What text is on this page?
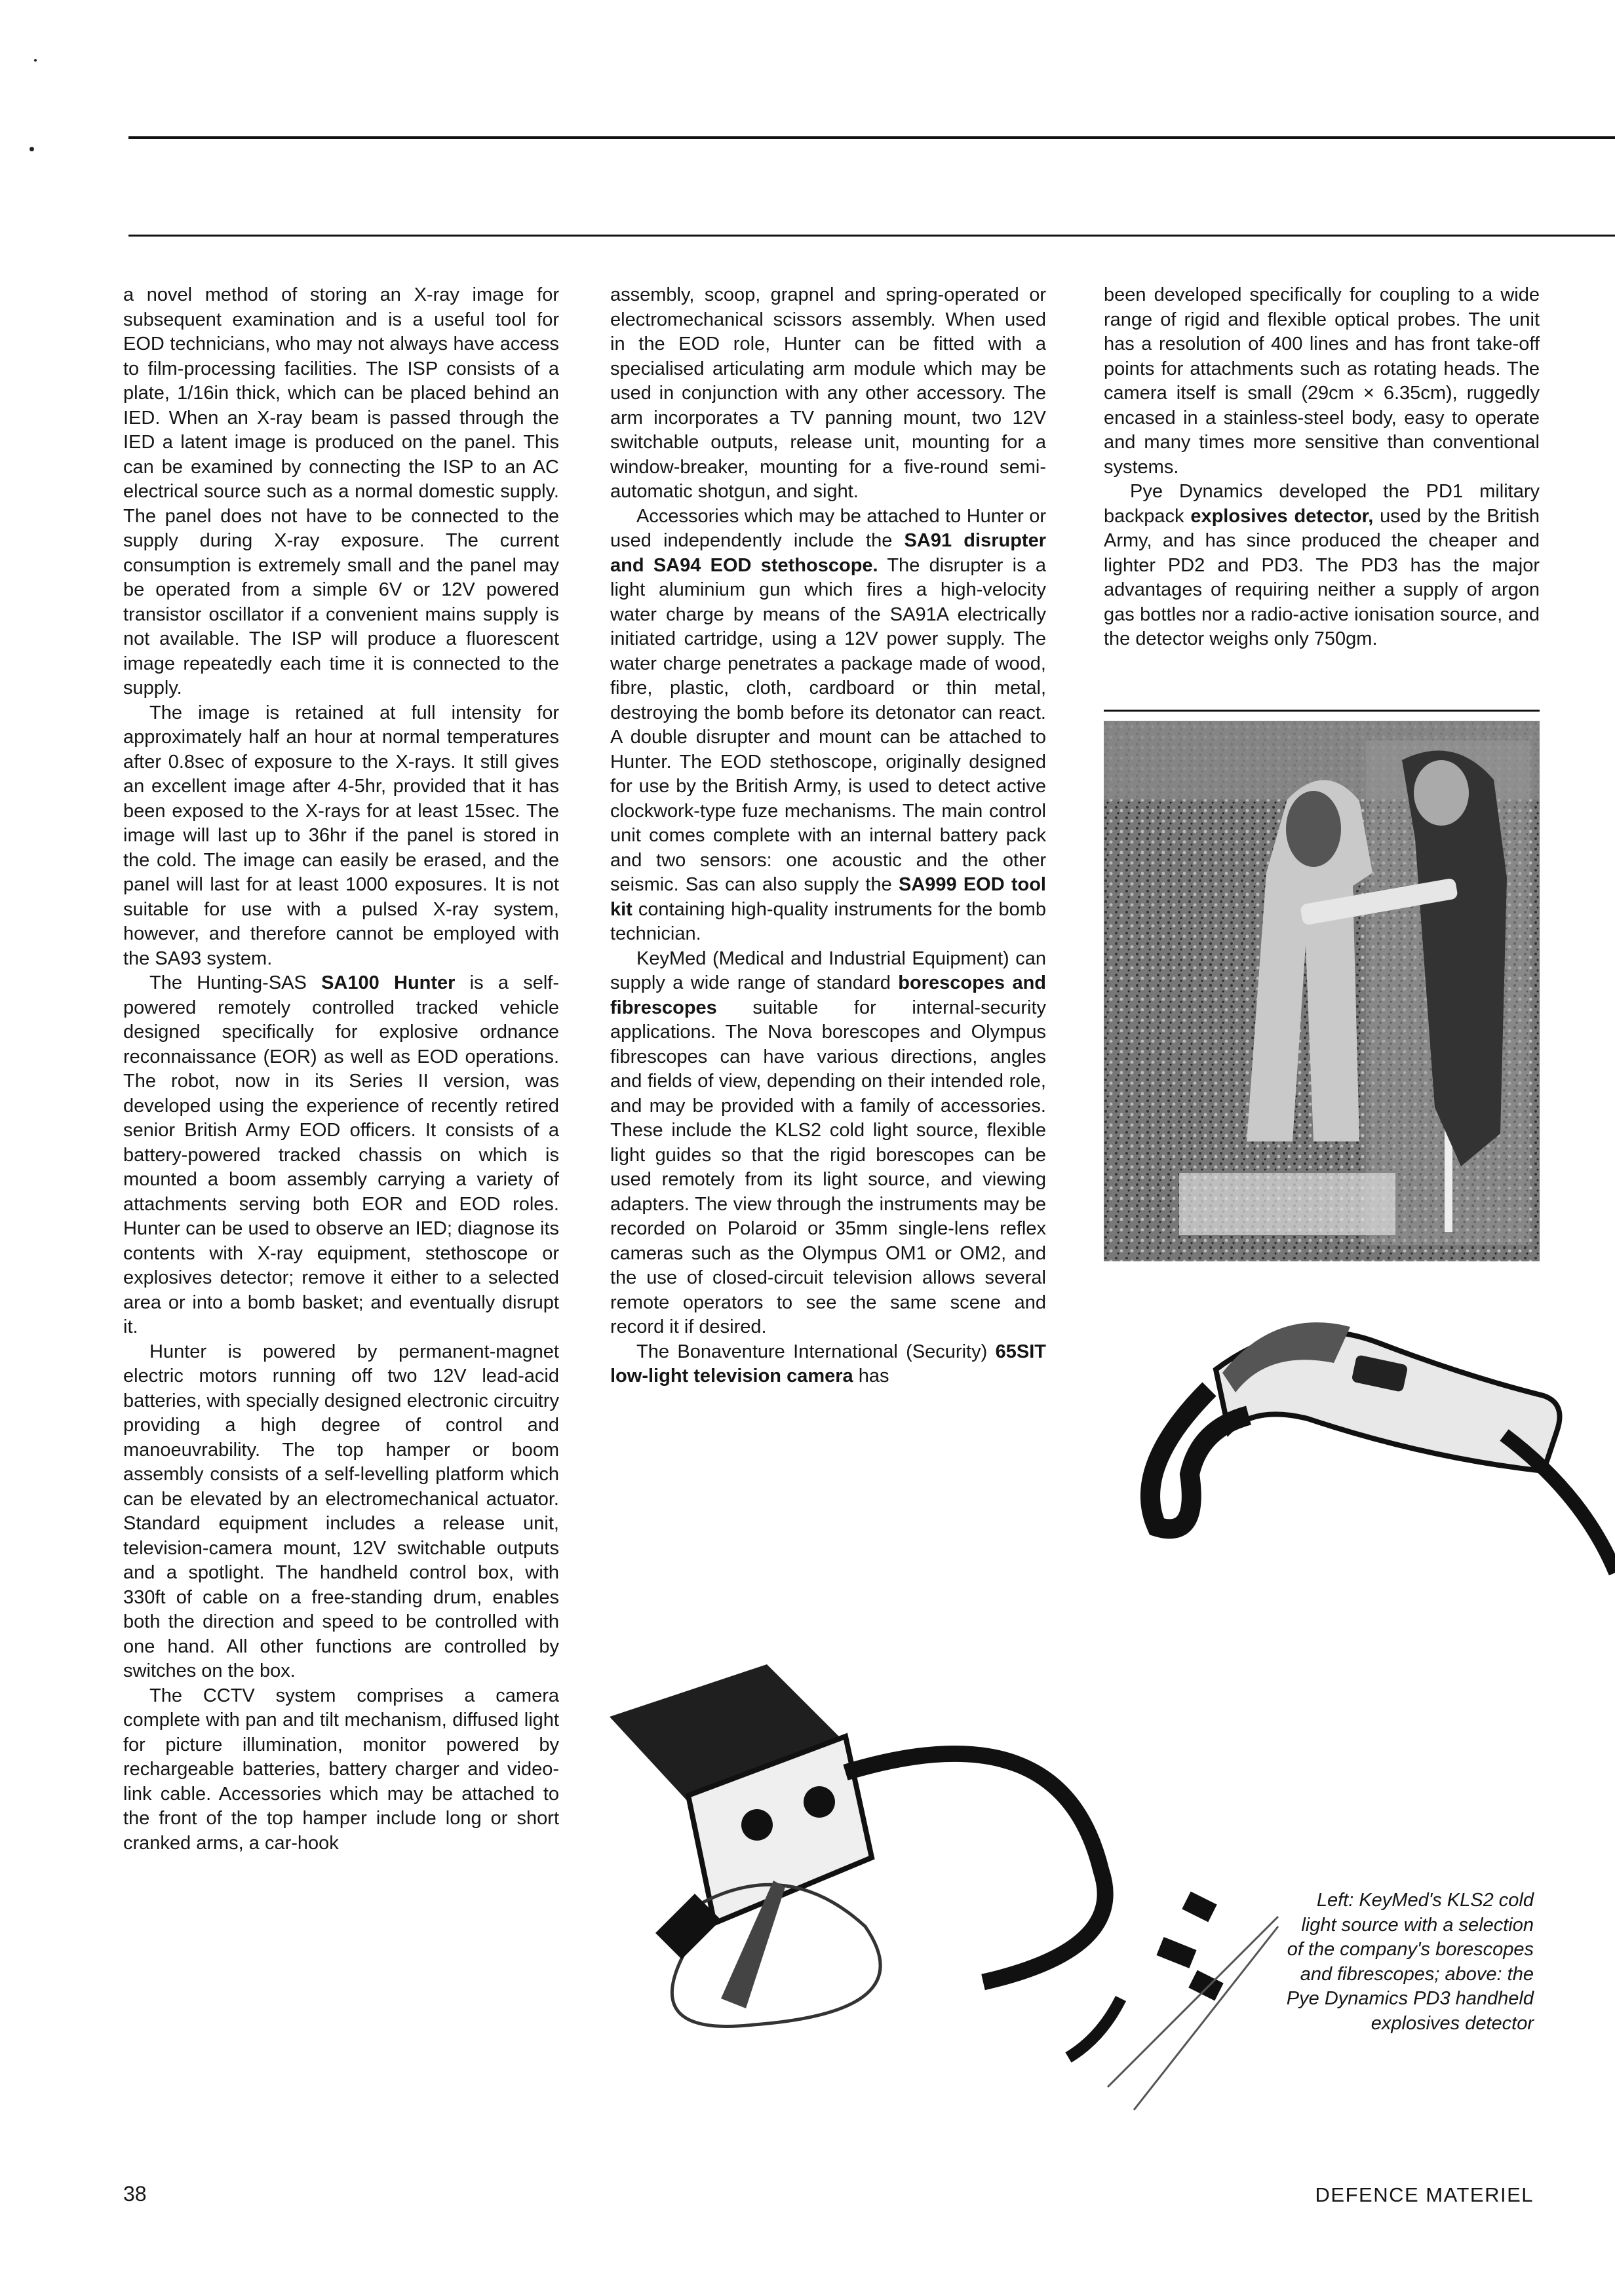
a novel method of storing an X-ray image for subsequent examination and is a useful tool for EOD technicians, who may not always have access to film-processing facilities. The ISP consists of a plate, 1/16in thick, which can be placed behind an IED. When an X-ray beam is passed through the IED a latent image is produced on the panel. This can be examined by connecting the ISP to an AC electrical source such as a normal domestic supply. The panel does not have to be connected to the supply during X-ray exposure. The current consumption is extremely small and the panel may be operated from a simple 6V or 12V powered transistor oscillator if a convenient mains supply is not available. The ISP will produce a fluorescent image repeatedly each time it is connected to the supply.

The image is retained at full intensity for approximately half an hour at normal temperatures after 0.8sec of exposure to the X-rays. It still gives an excellent image after 4-5hr, provided that it has been exposed to the X-rays for at least 15sec. The image will last up to 36hr if the panel is stored in the cold. The image can easily be erased, and the panel will last for at least 1000 exposures. It is not suitable for use with a pulsed X-ray system, however, and therefore cannot be employed with the SA93 system.

The Hunting-SAS SA100 Hunter is a self-powered remotely controlled tracked vehicle designed specifically for explosive ordnance reconnaissance (EOR) as well as EOD operations. The robot, now in its Series II version, was developed using the experience of recently retired senior British Army EOD officers. It consists of a battery-powered tracked chassis on which is mounted a boom assembly carrying a variety of attachments serving both EOR and EOD roles. Hunter can be used to observe an IED; diagnose its contents with X-ray equipment, stethoscope or explosives detector; remove it either to a selected area or into a bomb basket; and eventually disrupt it.

Hunter is powered by permanent-magnet electric motors running off two 12V lead-acid batteries, with specially designed electronic circuitry providing a high degree of control and manoeuvrability. The top hamper or boom assembly consists of a self-levelling platform which can be elevated by an electromechanical actuator. Standard equipment includes a release unit, television-camera mount, 12V switchable outputs and a spotlight. The handheld control box, with 330ft of cable on a free-standing drum, enables both the direction and speed to be controlled with one hand. All other functions are controlled by switches on the box.

The CCTV system comprises a camera complete with pan and tilt mechanism, diffused light for picture illumination, monitor powered by rechargeable batteries, battery charger and video-link cable. Accessories which may be attached to the front of the top hamper include long or short cranked arms, a car-hook

assembly, scoop, grapnel and spring-operated or electromechanical scissors assembly. When used in the EOD role, Hunter can be fitted with a specialised articulating arm module which may be used in conjunction with any other accessory. The arm incorporates a TV panning mount, two 12V switchable outputs, release unit, mounting for a window-breaker, mounting for a five-round semi-automatic shotgun, and sight.

Accessories which may be attached to Hunter or used independently include the SA91 disrupter and SA94 EOD stethoscope. The disrupter is a light aluminium gun which fires a high-velocity water charge by means of the SA91A electrically initiated cartridge, using a 12V power supply. The water charge penetrates a package made of wood, fibre, plastic, cloth, cardboard or thin metal, destroying the bomb before its detonator can react. A double disrupter and mount can be attached to Hunter. The EOD stethoscope, originally designed for use by the British Army, is used to detect active clockwork-type fuze mechanisms. The main control unit comes complete with an internal battery pack and two sensors: one acoustic and the other seismic. Sas can also supply the SA999 EOD tool kit containing high-quality instruments for the bomb technician.

KeyMed (Medical and Industrial Equipment) can supply a wide range of standard borescopes and fibrescopes suitable for internal-security applications. The Nova borescopes and Olympus fibrescopes can have various directions, angles and fields of view, depending on their intended role, and may be provided with a family of accessories. These include the KLS2 cold light source, flexible light guides so that the rigid borescopes can be used remotely from its light source, and viewing adapters. The view through the instruments may be recorded on Polaroid or 35mm single-lens reflex cameras such as the Olympus OM1 or OM2, and the use of closed-circuit television allows several remote operators to see the same scene and record it if desired.

The Bonaventure International (Security) 65SIT low-light television camera has

been developed specifically for coupling to a wide range of rigid and flexible optical probes. The unit has a resolution of 400 lines and has front take-off points for attachments such as rotating heads. The camera itself is small (29cm × 6.35cm), ruggedly encased in a stainless-steel body, easy to operate and many times more sensitive than conventional systems.

Pye Dynamics developed the PD1 military backpack explosives detector, used by the British Army, and has since produced the cheaper and lighter PD2 and PD3. The PD3 has the major advantages of requiring neither a supply of argon gas bottles nor a radio-active ionisation source, and the detector weighs only 750gm.

Left: KeyMed's KLS2 cold light source with a selection of the company's borescopes and fibrescopes; above: the Pye Dynamics PD3 handheld explosives detector
38	DEFENCE MATERIEL
